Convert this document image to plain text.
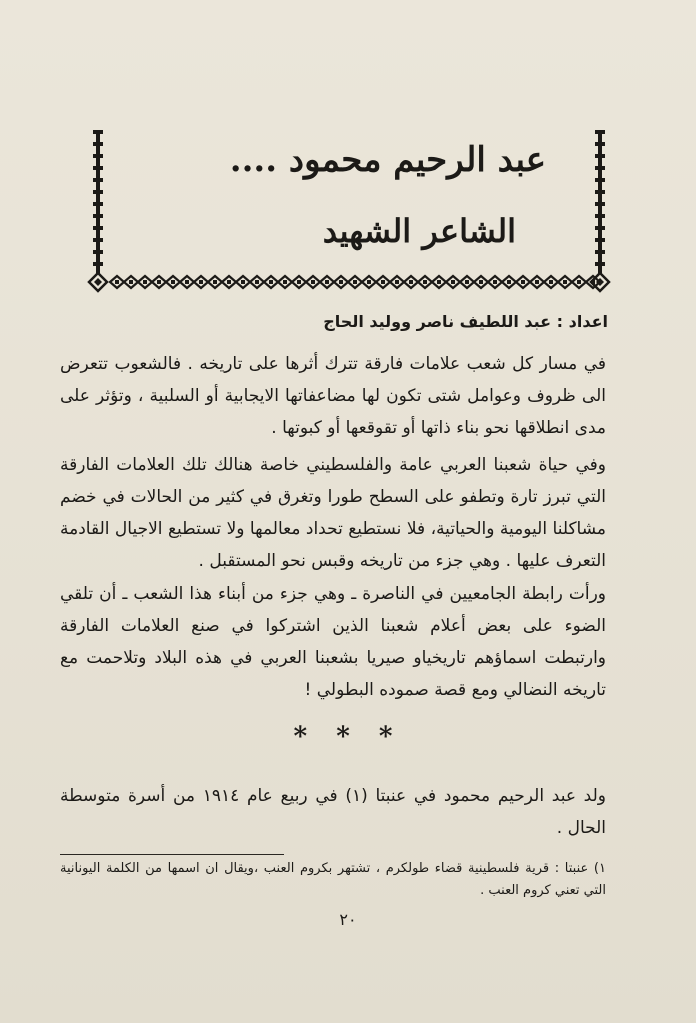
عبد الرحيم محمود ....
الشاعر الشهيد
اعداد : عبد اللطيف ناصر ووليد الحاج

في مسار كل شعب علامات فارقة تترك أثرها على تاريخه . فالشعوب تتعرض الى ظروف وعوامل شتى تكون لها مضاعفاتها الايجابية أو السلبية ، وتؤثر على مدى انطلاقها نحو بناء ذاتها أو تقوقعها أو كبوتها .

وفي حياة شعبنا العربي عامة والفلسطيني خاصة هنالك تلك العلامات الفارقة التي تبرز تارة وتطفو على السطح طورا وتغرق في كثير من الحالات في خضم مشاكلنا اليومية والحياتية، فلا نستطيع تحداد معالمها ولا تستطيع الاجيال القادمة التعرف عليها . وهي جزء من تاريخه وقبس نحو المستقبل .

ورأت رابطة الجامعيين في الناصرة ـ وهي جزء من أبناء هذا الشعب ـ أن تلقي الضوء على بعض أعلام شعبنا الذين اشتركوا في صنع العلامات الفارقة وارتبطت اسماؤهم تاريخياو صيريا بشعبنا العربي في هذه البلاد وتلاحمت مع تاريخه النضالي ومع قصة صموده البطولي !

* * *

ولد عبد الرحيم محمود في عنبتا (١) في ربيع عام ١٩١٤ من أسرة متوسطة الحال .

١) عنبتا : قرية فلسطينية قضاء طولكرم ، تشتهر بكروم العنب ،ويقال ان اسمها من الكلمة اليونانية التي تعني كروم العنب .

٢٠
